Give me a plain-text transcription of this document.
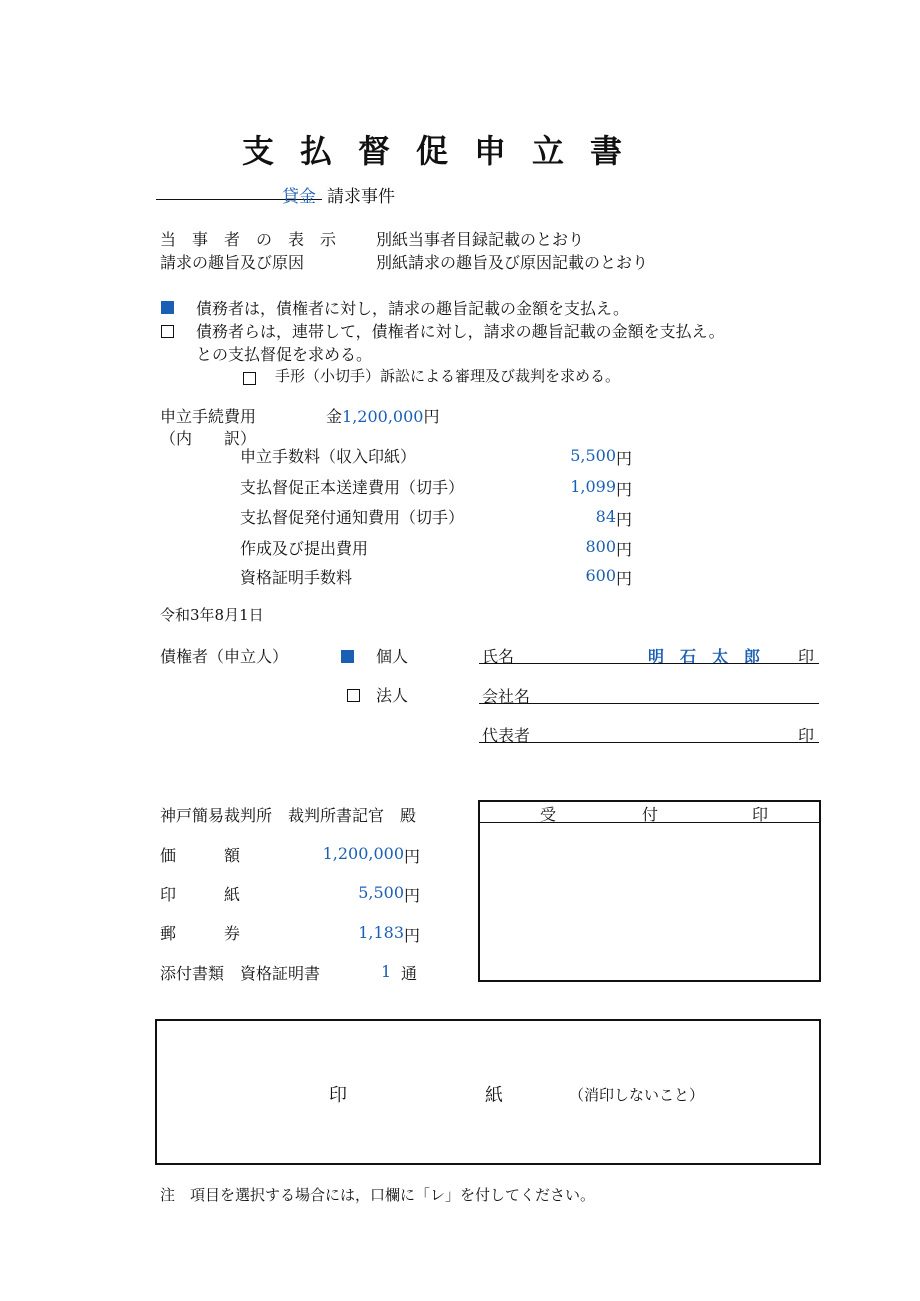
支払督促申立書
貸金 請求事件
当　事　者　の　表　示 別紙当事者目録記載のとおり
請求の趣旨及び原因	別紙請求の趣旨及び原因記載のとおり
債務者は，債権者に対し，請求の趣旨記載の金額を支払え。
債務者らは，連帯して，債権者に対し，請求の趣旨記載の金額を支払え。
との支払督促を求める。
手形（小切手）訴訟による審理及び裁判を求める。
申立手続費用	金1,200,000円
（内　　訳）
申立手数料（収入印紙）	5,500 円
支払督促正本送達費用（切手）	1,099 円
支払督促発付通知費用（切手）	84 円
作成及び提出費用	800 円
資格証明手数料	600 円
令和3年8月1日
債権者（申立人）	個人
法人
氏名	明　石　太　郎 印
会社名
代表者	印
神戸簡易裁判所　裁判所書記官　殿
価　　　額	1,200,000 円
印　　　紙	5,500 円
郵　　　券	1,183 円
添付書類　資格証明書	1 通
受	付	印
印	紙	（消印しないこと）
注　項目を選択する場合には，口欄に「レ」を付してください。
